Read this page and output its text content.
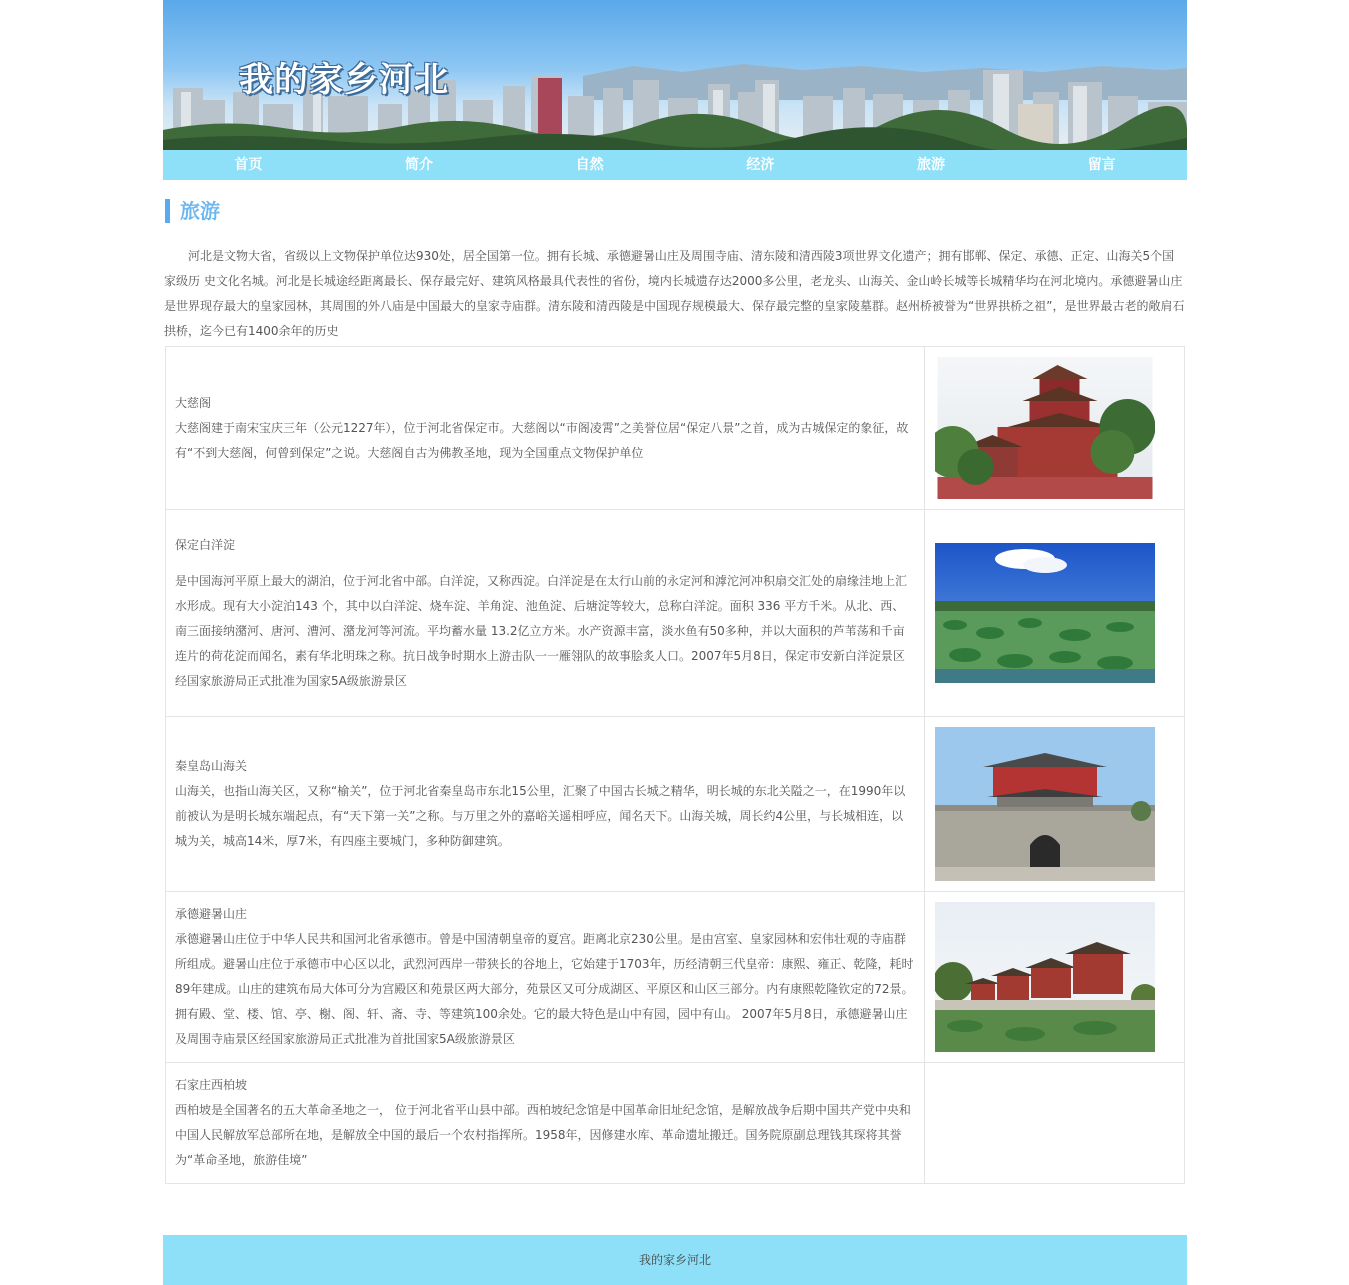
我的家乡河北
首页	简介	自然	经济	旅游	留言
旅游

河北是文物大省，省级以上文物保护单位达930处，居全国第一位。拥有长城、承德避暑山庄及周围寺庙、清东陵和清西陵3项世界文化遗产；拥有邯郸、保定、承德、正定、山海关5个国家级历 史文化名城。河北是长城途经距离最长、保存最完好、建筑风格最具代表性的省份，境内长城遗存达2000多公里，老龙头、山海关、金山岭长城等长城精华均在河北境内。承德避暑山庄是世界现存最大的皇家园林，其周围的外八庙是中国最大的皇家寺庙群。清东陵和清西陵是中国现存规模最大、保存最完整的皇家陵墓群。赵州桥被誉为“世界拱桥之祖”，是世界最古老的敞肩石拱桥，迄今已有1400余年的历史

大慈阁
大慈阁建于南宋宝庆三年（公元1227年），位于河北省保定市。大慈阁以“市阁凌霄”之美誉位居“保定八景”之首，成为古城保定的象征，故有“不到大慈阁，何曾到保定”之说。大慈阁自古为佛教圣地，现为全国重点文物保护单位	

保定白洋淀
是中国海河平原上最大的湖泊，位于河北省中部。白洋淀，又称西淀。白洋淀是在太行山前的永定河和滹沱河冲积扇交汇处的扇缘洼地上汇水形成。现有大小淀泊143 个，其中以白洋淀、烧车淀、羊角淀、池鱼淀、后塘淀等较大，总称白洋淀。面积 336 平方千米。从北、西、南三面接纳潴河、唐河、漕河、潴龙河等河流。平均蓄水量 13.2亿立方米。水产资源丰富，淡水鱼有50多种，并以大面积的芦苇荡和千亩连片的荷花淀而闻名，素有华北明珠之称。抗日战争时期水上游击队一一雁翎队的故事脍炙人口。2007年5月8日，保定市安新白洋淀景区经国家旅游局正式批准为国家5A级旅游景区	

秦皇岛山海关
山海关，也指山海关区，又称“榆关”，位于河北省秦皇岛市东北15公里，汇聚了中国古长城之精华，明长城的东北关隘之一，在1990年以前被认为是明长城东端起点，有“天下第一关”之称。与万里之外的嘉峪关遥相呼应，闻名天下。山海关城，周长约4公里，与长城相连，以城为关，城高14米，厚7米，有四座主要城门，多种防御建筑。	

承德避暑山庄
承德避暑山庄位于中华人民共和国河北省承德市。曾是中国清朝皇帝的夏宫。距离北京230公里。是由宫室、皇家园林和宏伟壮观的寺庙群所组成。避暑山庄位于承德市中心区以北，武烈河西岸一带狭长的谷地上，它始建于1703年，历经清朝三代皇帝：康熙、雍正、乾隆，耗时89年建成。山庄的建筑布局大体可分为宫殿区和苑景区两大部分，苑景区又可分成湖区、平原区和山区三部分。内有康熙乾隆钦定的72景。拥有殿、堂、楼、馆、亭、榭、阁、轩、斋、寺、等建筑100余处。它的最大特色是山中有园，园中有山。 2007年5月8日，承德避暑山庄及周围寺庙景区经国家旅游局正式批准为首批国家5A级旅游景区	

石家庄西柏坡
西柏坡是全国著名的五大革命圣地之一， 位于河北省平山县中部。西柏坡纪念馆是中国革命旧址纪念馆，是解放战争后期中国共产党中央和中国人民解放军总部所在地，是解放全中国的最后一个农村指挥所。1958年，因修建水库、革命遗址搬迁。国务院原副总理钱其琛将其誉为“革命圣地，旅游佳境”	
我的家乡河北
